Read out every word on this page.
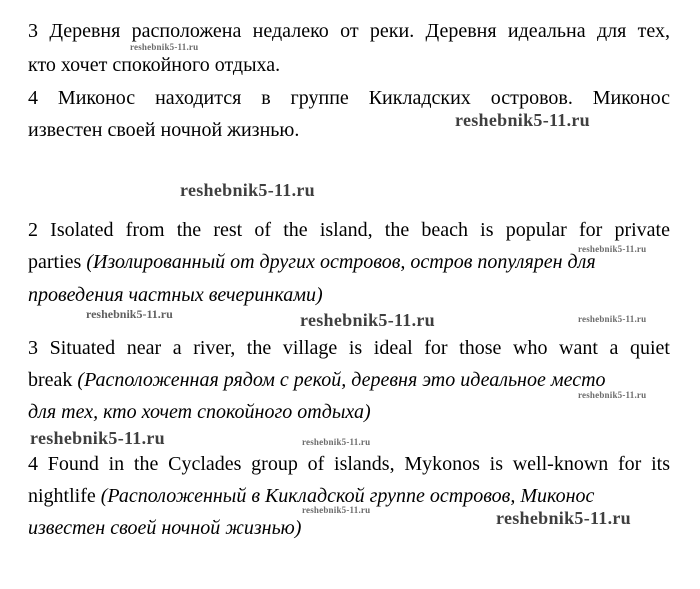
3 Деревня расположена недалеко от реки. Деревня идеальна для тех,
кто хочет спокойного отдыха.
4 Миконос находится в группе Кикладских островов. Миконос
известен своей ночной жизнью.
2 Isolated from the rest of the island, the beach is popular for private
parties (Изолированный от других островов, остров популярен для
проведения частных вечеринками)
3 Situated near a river, the village is ideal for those who want a quiet
break (Расположенная рядом с рекой, деревня это идеальное место
для тех, кто хочет спокойного отдыха)
4 Found in the Cyclades group of islands, Mykonos is well-known for its
nightlife (Расположенный в Кикладской группе островов, Миконос
известен своей ночной жизнью)
reshebnik5-11.ru
reshebnik5-11.ru
reshebnik5-11.ru
reshebnik5-11.ru
reshebnik5-11.ru	reshebnik5-11.ru	reshebnik5-11.ru
reshebnik5-11.ru
reshebnik5-11.ru	reshebnik5-11.ru
reshebnik5-11.ru	reshebnik5-11.ru
